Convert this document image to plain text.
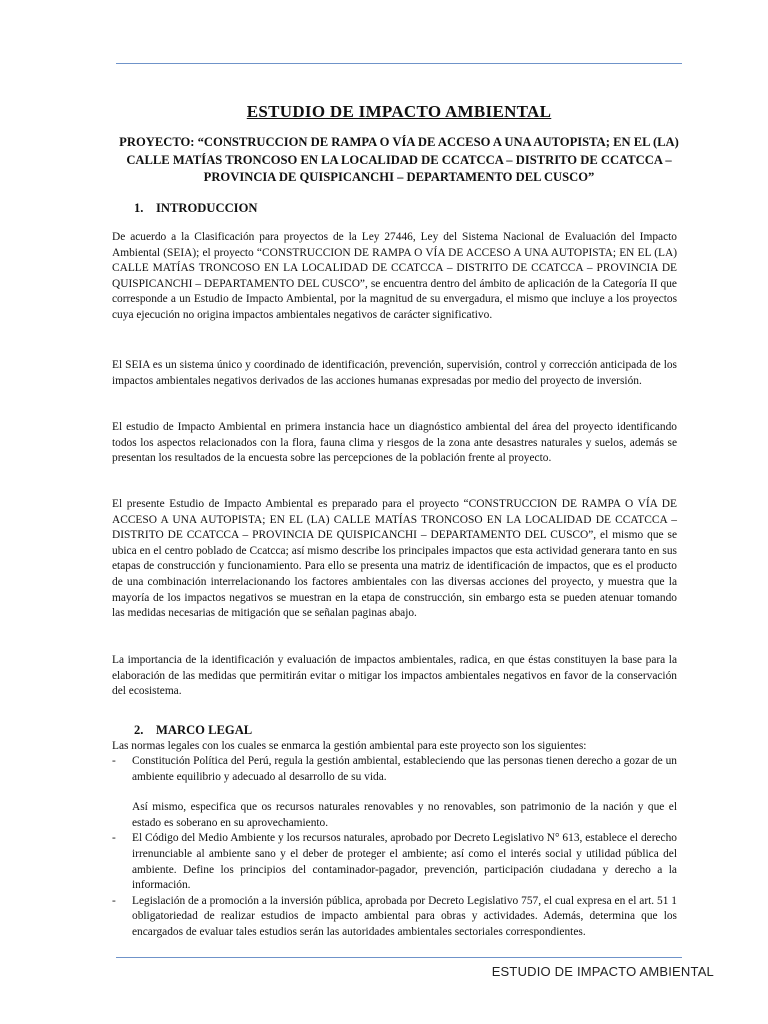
ESTUDIO DE IMPACTO AMBIENTAL

PROYECTO: “CONSTRUCCION DE RAMPA O VÍA DE ACCESO A UNA AUTOPISTA; EN EL (LA) CALLE MATÍAS TRONCOSO EN LA LOCALIDAD DE CCATCCA – DISTRITO DE CCATCCA – PROVINCIA DE QUISPICANCHI – DEPARTAMENTO DEL CUSCO”

1. INTRODUCCION

De acuerdo a la Clasificación para proyectos de la Ley 27446, Ley del Sistema Nacional de Evaluación del Impacto Ambiental (SEIA); el proyecto “CONSTRUCCION DE RAMPA O VÍA DE ACCESO A UNA AUTOPISTA; EN EL (LA) CALLE MATÍAS TRONCOSO EN LA LOCALIDAD DE CCATCCA – DISTRITO DE CCATCCA – PROVINCIA DE QUISPICANCHI – DEPARTAMENTO DEL CUSCO”, se encuentra dentro del ámbito de aplicación de la Categoría II que corresponde a un Estudio de Impacto Ambiental, por la magnitud de su envergadura, el mismo que incluye a los proyectos cuya ejecución no origina impactos ambientales negativos de carácter significativo.

El SEIA es un sistema único y coordinado de identificación, prevención, supervisión, control y corrección anticipada de los impactos ambientales negativos derivados de las acciones humanas expresadas por medio del proyecto de inversión.

El estudio de Impacto Ambiental en primera instancia hace un diagnóstico ambiental del área del proyecto identificando todos los aspectos relacionados con la flora, fauna clima y riesgos de la zona ante desastres naturales y suelos, además se presentan los resultados de la encuesta sobre las percepciones de la población frente al proyecto.

El presente Estudio de Impacto Ambiental es preparado para el proyecto “CONSTRUCCION DE RAMPA O VÍA DE ACCESO A UNA AUTOPISTA; EN EL (LA) CALLE MATÍAS TRONCOSO EN LA LOCALIDAD DE CCATCCA – DISTRITO DE CCATCCA – PROVINCIA DE QUISPICANCHI – DEPARTAMENTO DEL CUSCO”, el mismo que se ubica en el centro poblado de Ccatcca; así mismo describe los principales impactos que esta actividad generara tanto en sus etapas de construcción y funcionamiento. Para ello se presenta una matriz de identificación de impactos, que es el producto de una combinación interrelacionando los factores ambientales con las diversas acciones del proyecto, y muestra que la mayoría de los impactos negativos se muestran en la etapa de construcción, sin embargo esta se pueden atenuar tomando las medidas necesarias de mitigación que se señalan paginas abajo.

La importancia de la identificación y evaluación de impactos ambientales, radica, en que éstas constituyen la base para la elaboración de las medidas que permitirán evitar o mitigar los impactos ambientales negativos en favor de la conservación del ecosistema.

2. MARCO LEGAL

Las normas legales con los cuales se enmarca la gestión ambiental para este proyecto son los siguientes:

- Constitución Política del Perú, regula la gestión ambiental, estableciendo que las personas tienen derecho a gozar de un ambiente equilibrio y adecuado al desarrollo de su vida.
Así mismo, especifica que os recursos naturales renovables y no renovables, son patrimonio de la nación y que el estado es soberano en su aprovechamiento.
- El Código del Medio Ambiente y los recursos naturales, aprobado por Decreto Legislativo N° 613, establece el derecho irrenunciable al ambiente sano y el deber de proteger el ambiente; así como el interés social y utilidad pública del ambiente. Define los principios del contaminador-pagador, prevención, participación ciudadana y derecho a la información.
- Legislación de a promoción a la inversión pública, aprobada por Decreto Legislativo 757, el cual expresa en el art. 51 1 obligatoriedad de realizar estudios de impacto ambiental para obras y actividades. Además, determina que los encargados de evaluar tales estudios serán las autoridades ambientales sectoriales correspondientes.

ESTUDIO DE IMPACTO AMBIENTAL
